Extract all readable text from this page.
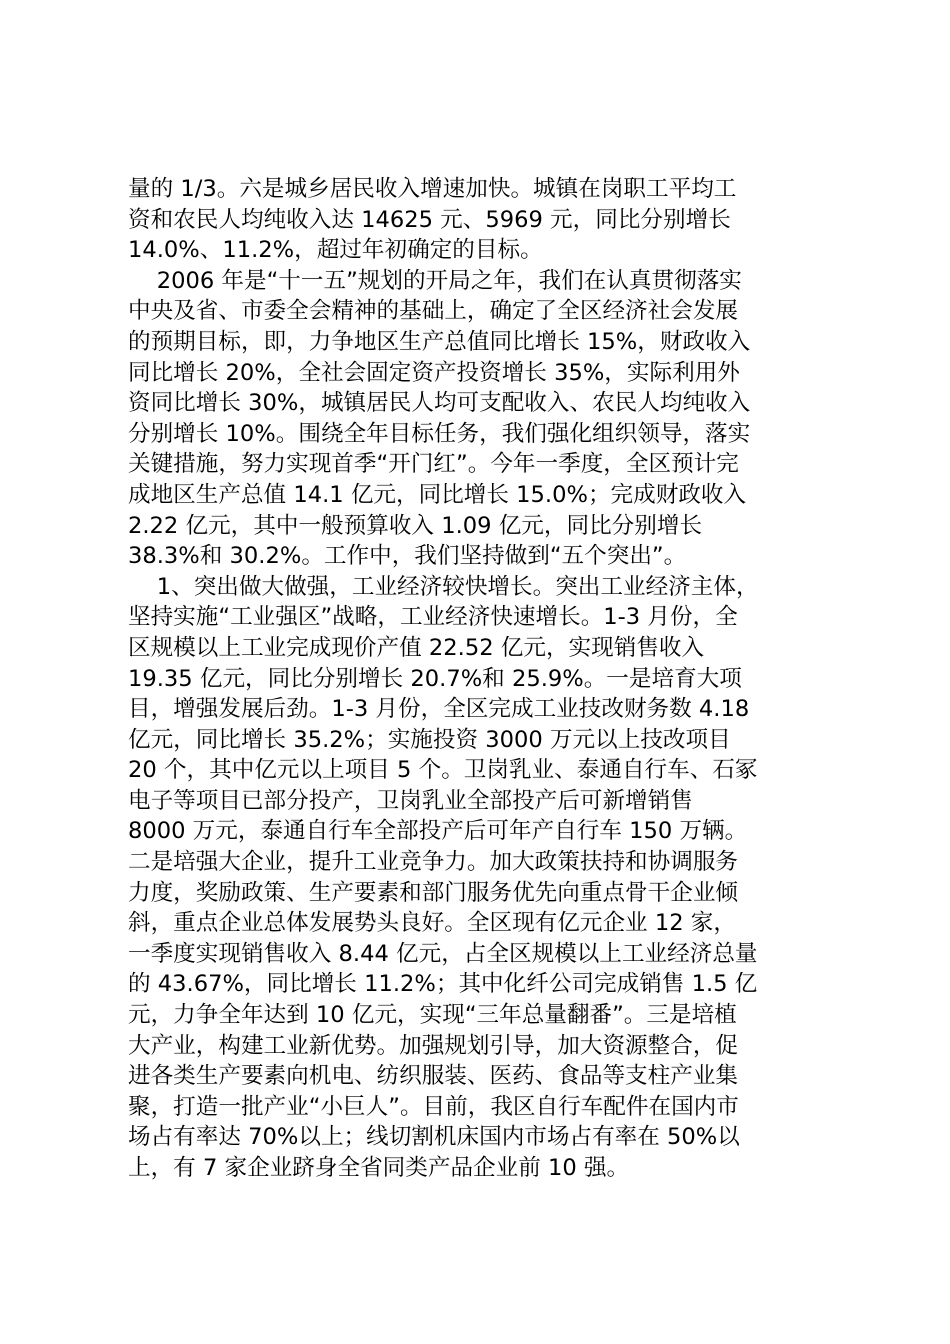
量的 1/3。六是城乡居民收入增速加快。城镇在岗职工平均工
资和农民人均纯收入达 14625 元、5969 元，同比分别增长
14.0%、11.2%，超过年初确定的目标。
2006 年是“十一五”规划的开局之年，我们在认真贯彻落实
中央及省、市委全会精神的基础上，确定了全区经济社会发展
的预期目标，即，力争地区生产总值同比增长 15%，财政收入
同比增长 20%，全社会固定资产投资增长 35%，实际利用外
资同比增长 30%，城镇居民人均可支配收入、农民人均纯收入
分别增长 10%。围绕全年目标任务，我们强化组织领导，落实
关键措施，努力实现首季“开门红”。今年一季度，全区预计完
成地区生产总值 14.1 亿元，同比增长 15.0%；完成财政收入
2.22 亿元，其中一般预算收入 1.09 亿元，同比分别增长
38.3%和 30.2%。工作中，我们坚持做到“五个突出”。
1、突出做大做强，工业经济较快增长。突出工业经济主体，
坚持实施“工业强区”战略，工业经济快速增长。1-3 月份，全
区规模以上工业完成现价产值 22.52 亿元，实现销售收入
19.35 亿元，同比分别增长 20.7%和 25.9%。一是培育大项
目，增强发展后劲。1-3 月份，全区完成工业技改财务数 4.18
亿元，同比增长 35.2%；实施投资 3000 万元以上技改项目
20 个，其中亿元以上项目 5 个。卫岗乳业、泰通自行车、石冢
电子等项目已部分投产，卫岗乳业全部投产后可新增销售
8000 万元，泰通自行车全部投产后可年产自行车 150 万辆。
二是培强大企业，提升工业竞争力。加大政策扶持和协调服务
力度，奖励政策、生产要素和部门服务优先向重点骨干企业倾
斜，重点企业总体发展势头良好。全区现有亿元企业 12 家，
一季度实现销售收入 8.44 亿元，占全区规模以上工业经济总量
的 43.67%，同比增长 11.2%；其中化纤公司完成销售 1.5 亿
元，力争全年达到 10 亿元，实现“三年总量翻番”。三是培植
大产业，构建工业新优势。加强规划引导，加大资源整合，促
进各类生产要素向机电、纺织服装、医药、食品等支柱产业集
聚，打造一批产业“小巨人”。目前，我区自行车配件在国内市
场占有率达 70%以上；线切割机床国内市场占有率在 50%以
上，有 7 家企业跻身全省同类产品企业前 10 强。
